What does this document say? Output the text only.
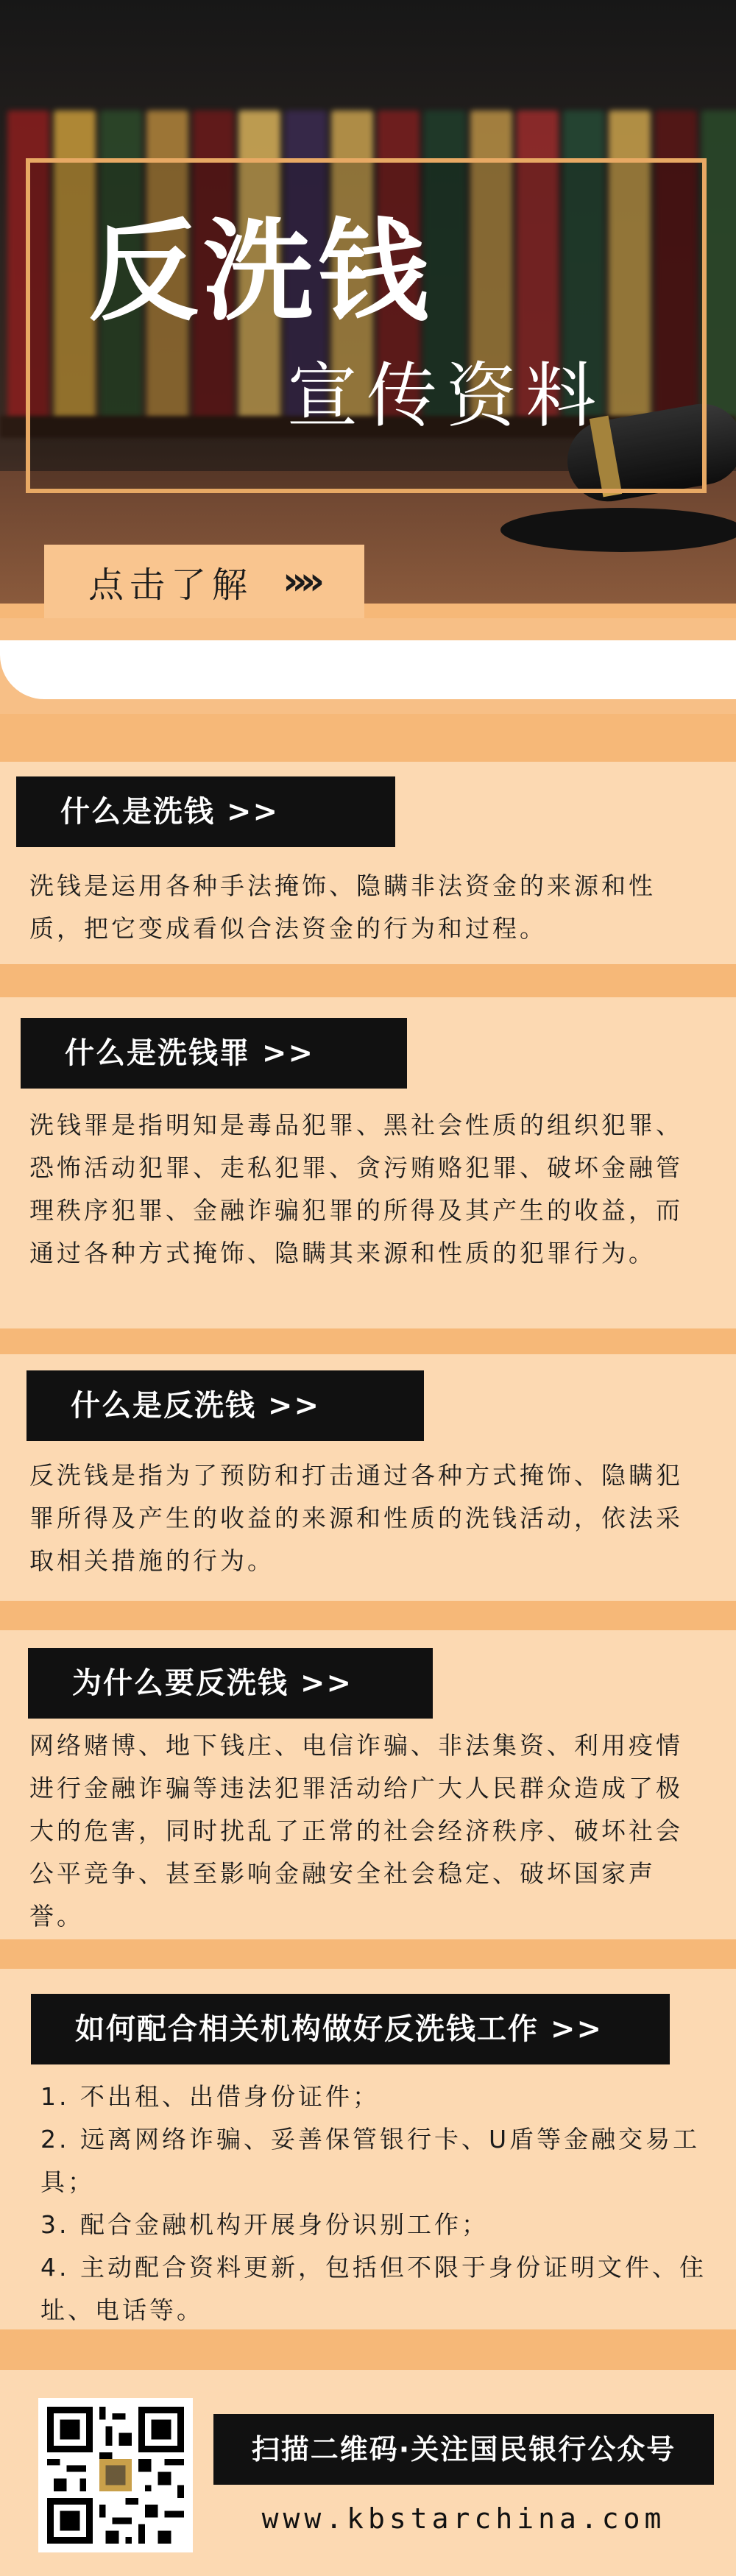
反洗钱
宣传资料
点击了解 »»
什么是洗钱 >>

洗钱是运用各种手法掩饰、隐瞒非法资金的来源和性质，把它变成看似合法资金的行为和过程。

什么是洗钱罪 >>

洗钱罪是指明知是毒品犯罪、黑社会性质的组织犯罪、恐怖活动犯罪、走私犯罪、贪污贿赂犯罪、破坏金融管理秩序犯罪、金融诈骗犯罪的所得及其产生的收益，而通过各种方式掩饰、隐瞒其来源和性质的犯罪行为。

什么是反洗钱 >>

反洗钱是指为了预防和打击通过各种方式掩饰、隐瞒犯罪所得及产生的收益的来源和性质的洗钱活动，依法采取相关措施的行为。

为什么要反洗钱 >>

网络赌博、地下钱庄、电信诈骗、非法集资、利用疫情进行金融诈骗等违法犯罪活动给广大人民群众造成了极大的危害，同时扰乱了正常的社会经济秩序、破坏社会公平竞争、甚至影响金融安全社会稳定、破坏国家声誉。

如何配合相关机构做好反洗钱工作 >>

1. 不出租、出借身份证件；

2. 远离网络诈骗、妥善保管银行卡、U盾等金融交易工具；

3. 配合金融机构开展身份识别工作；

4. 主动配合资料更新，包括但不限于身份证明文件、住址、电话等。

扫描二维码·关注国民银行公众号
www.kbstarchina.com
